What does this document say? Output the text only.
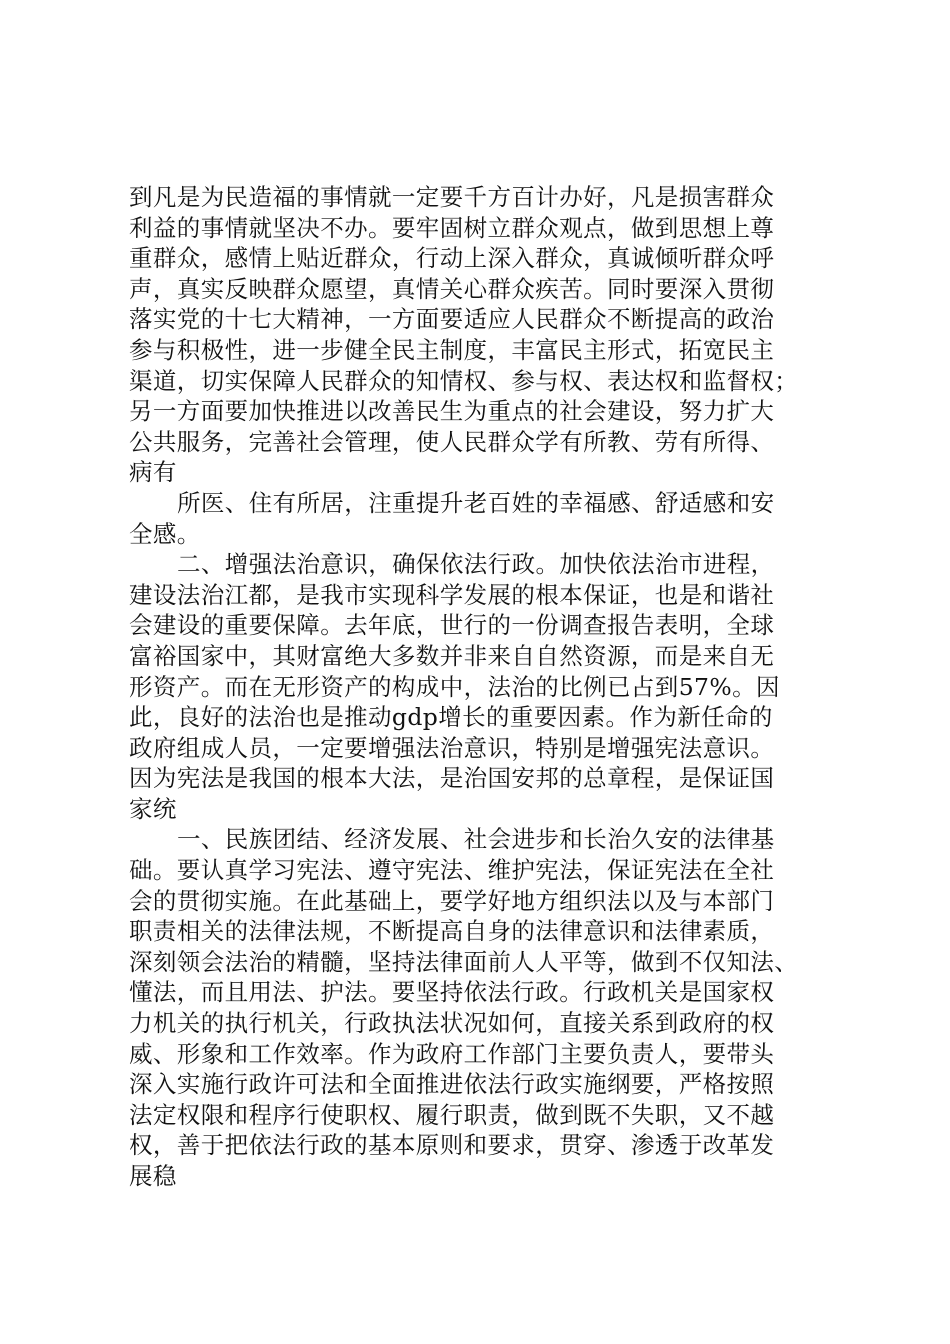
到凡是为民造福的事情就一定要千方百计办好，凡是损害群众
利益的事情就坚决不办。要牢固树立群众观点，做到思想上尊
重群众，感情上贴近群众，行动上深入群众，真诚倾听群众呼
声，真实反映群众愿望，真情关心群众疾苦。同时要深入贯彻
落实党的十七大精神，一方面要适应人民群众不断提高的政治
参与积极性，进一步健全民主制度，丰富民主形式，拓宽民主
渠道，切实保障人民群众的知情权、参与权、表达权和监督权；
另一方面要加快推进以改善民生为重点的社会建设，努力扩大
公共服务，完善社会管理，使人民群众学有所教、劳有所得、
病有
所医、住有所居，注重提升老百姓的幸福感、舒适感和安
全感。
二、增强法治意识，确保依法行政。加快依法治市进程，
建设法治江都，是我市实现科学发展的根本保证，也是和谐社
会建设的重要保障。去年底，世行的一份调查报告表明，全球
富裕国家中，其财富绝大多数并非来自自然资源，而是来自无
形资产。而在无形资产的构成中，法治的比例已占到57%。因
此，良好的法治也是推动gdp增长的重要因素。作为新任命的
政府组成人员，一定要增强法治意识，特别是增强宪法意识。
因为宪法是我国的根本大法，是治国安邦的总章程，是保证国
家统
一、民族团结、经济发展、社会进步和长治久安的法律基
础。要认真学习宪法、遵守宪法、维护宪法，保证宪法在全社
会的贯彻实施。在此基础上，要学好地方组织法以及与本部门
职责相关的法律法规，不断提高自身的法律意识和法律素质，
深刻领会法治的精髓，坚持法律面前人人平等，做到不仅知法、
懂法，而且用法、护法。要坚持依法行政。行政机关是国家权
力机关的执行机关，行政执法状况如何，直接关系到政府的权
威、形象和工作效率。作为政府工作部门主要负责人，要带头
深入实施行政许可法和全面推进依法行政实施纲要，严格按照
法定权限和程序行使职权、履行职责，做到既不失职，又不越
权，善于把依法行政的基本原则和要求，贯穿、渗透于改革发
展稳
